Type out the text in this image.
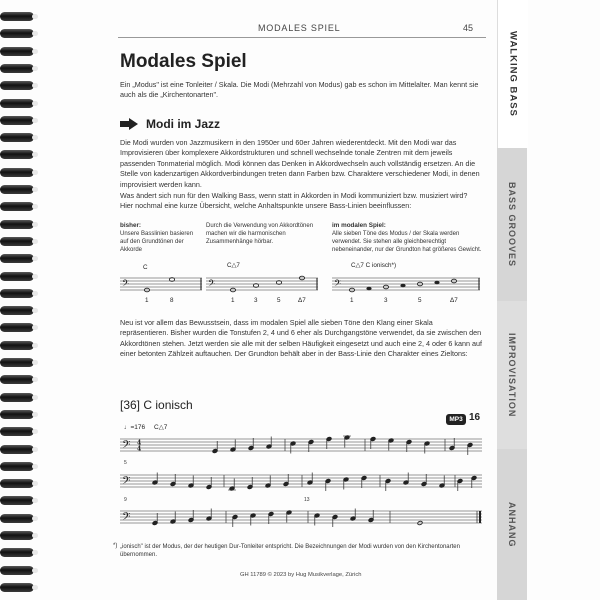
WALKING BASS
BASS GROOVES
IMPROVISATION
ANHANG
MODALES SPIEL	45
Modales Spiel

Ein „Modus" ist eine Tonleiter / Skala. Die Modi (Mehrzahl von Modus) gab es schon im Mittelalter. Man kennt sie auch als die „Kirchentonarten".

Modi im Jazz

Die Modi wurden von Jazzmusikern in den 1950er und 60er Jahren wiederentdeckt. Mit den Modi war das Improvisieren über komplexere Akkordstrukturen und schnell wechselnde tonale Zentren mit dem jeweils passenden Tonmaterial möglich. Modi können das Denken in Akkordwechseln auch vollständig ersetzen. An die Stelle von kadenzartigen Akkordverbindungen treten dann Farben bzw. Charaktere verschiedener Modi, in denen improvisiert werden kann.

Was ändert sich nun für den Walking Bass, wenn statt in Akkorden in Modi kommuniziert bzw. musiziert wird? Hier nochmal eine kurze Übersicht, welche Anhaltspunkte unsere Bass-Linien beeinflussen:

bisher:
Unsere Basslinien basieren auf den Grundtönen der Akkorde
Durch die Verwendung von Akkordtönen machen wir die harmonischen Zusammenhänge hörbar.
im modalen Spiel:
Alle sieben Töne des Modus / der Skala werden verwendet. Sie stehen alle gleichberechtigt nebeneinander, nur der Grundton hat größeres Gewicht.
C	C△7	C△7 C ionisch*)
𝄢	𝄢	𝄢
1	8	1	3	5	Δ7	1	3	5	Δ7

Neu ist vor allem das Bewusstsein, dass im modalen Spiel alle sieben Töne den Klang einer Skala repräsentieren. Bisher wurden die Tonstufen 2, 4 und 6 eher als Durchgangstöne verwendet, da sie zwischen den Akkordtönen stehen. Jetzt werden sie alle mit der selben Häufigkeit eingesetzt und auch eine 2, 4 oder 6 kann auf einer betonten Zählzeit auftauchen. Der Grundton behält aber in der Bass-Linie den Charakter eines Zieltons:

[36] C ionisch
MP3 16
♩=176 C△7
𝄢 4
4
5
𝄢
9	13
𝄢
*) „ionisch" ist der Modus, der der heutigen Dur-Tonleiter entspricht. Die Bezeichnungen der Modi wurden von den Kirchentonarten übernommen.
GH 11789 © 2023 by Hug Musikverlage, Zürich
